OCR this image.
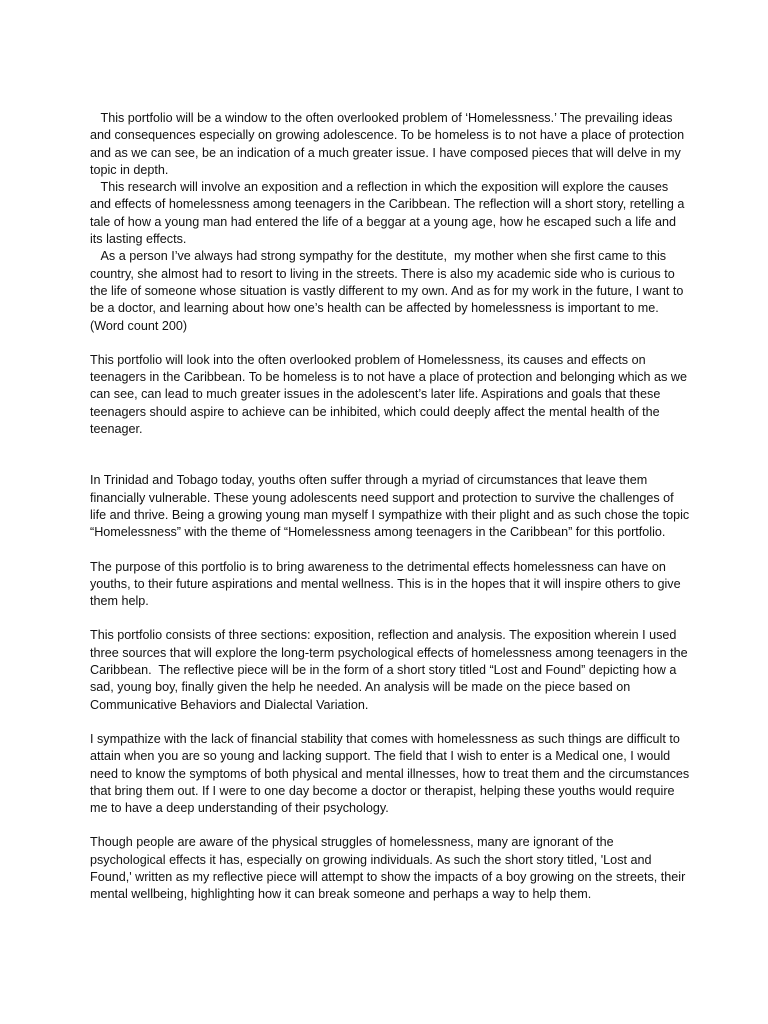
This portfolio will be a window to the often overlooked problem of ‘Homelessness.’ The prevailing ideas and consequences especially on growing adolescence. To be homeless is to not have a place of protection and as we can see, be an indication of a much greater issue. I have composed pieces that will delve in my topic in depth.

This research will involve an exposition and a reflection in which the exposition will explore the causes and effects of homelessness among teenagers in the Caribbean. The reflection will a short story, retelling a tale of how a young man had entered the life of a beggar at a young age, how he escaped such a life and its lasting effects.

As a person I’ve always had strong sympathy for the destitute,  my mother when she first came to this country, she almost had to resort to living in the streets. There is also my academic side who is curious to the life of someone whose situation is vastly different to my own. And as for my work in the future, I want to be a doctor, and learning about how one’s health can be affected by homelessness is important to me. (Word count 200)

This portfolio will look into the often overlooked problem of Homelessness, its causes and effects on teenagers in the Caribbean. To be homeless is to not have a place of protection and belonging which as we can see, can lead to much greater issues in the adolescent’s later life. Aspirations and goals that these teenagers should aspire to achieve can be inhibited, which could deeply affect the mental health of the teenager.

In Trinidad and Tobago today, youths often suffer through a myriad of circumstances that leave them financially vulnerable. These young adolescents need support and protection to survive the challenges of life and thrive. Being a growing young man myself I sympathize with their plight and as such chose the topic “Homelessness” with the theme of “Homelessness among teenagers in the Caribbean” for this portfolio.

The purpose of this portfolio is to bring awareness to the detrimental effects homelessness can have on youths, to their future aspirations and mental wellness. This is in the hopes that it will inspire others to give them help.

This portfolio consists of three sections: exposition, reflection and analysis. The exposition wherein I used three sources that will explore the long-term psychological effects of homelessness among teenagers in the Caribbean.  The reflective piece will be in the form of a short story titled “Lost and Found” depicting how a sad, young boy, finally given the help he needed. An analysis will be made on the piece based on Communicative Behaviors and Dialectal Variation.

I sympathize with the lack of financial stability that comes with homelessness as such things are difficult to attain when you are so young and lacking support. The field that I wish to enter is a Medical one, I would need to know the symptoms of both physical and mental illnesses, how to treat them and the circumstances that bring them out. If I were to one day become a doctor or therapist, helping these youths would require me to have a deep understanding of their psychology.

Though people are aware of the physical struggles of homelessness, many are ignorant of the psychological effects it has, especially on growing individuals. As such the short story titled, 'Lost and Found,' written as my reflective piece will attempt to show the impacts of a boy growing on the streets, their mental wellbeing, highlighting how it can break someone and perhaps a way to help them.
